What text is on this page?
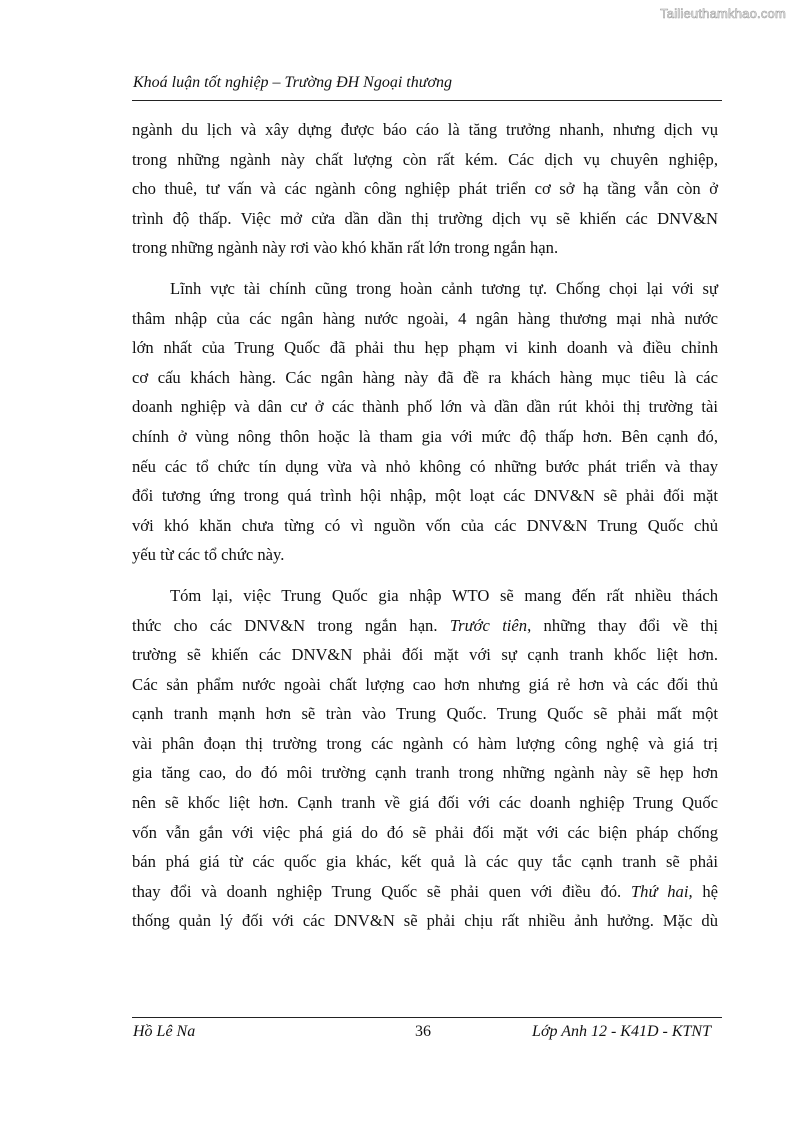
Tailieuthamkhao.com
Khoá luận tốt nghiệp – Trường ĐH Ngoại thương

ngành du lịch và xây dựng được báo cáo là tăng trưởng nhanh, nhưng dịch vụ
trong những ngành này chất lượng còn rất kém. Các dịch vụ chuyên nghiệp,
cho thuê, tư vấn và các ngành công nghiệp phát triển cơ sở hạ tầng vẫn còn ở
trình độ thấp. Việc mở cửa dần dần thị trường dịch vụ sẽ khiến các DNV&N
trong những ngành này rơi vào khó khăn rất lớn trong ngắn hạn.

Lĩnh vực tài chính cũng trong hoàn cảnh tương tự. Chống chọi lại với sự
thâm nhập của các ngân hàng nước ngoài, 4 ngân hàng thương mại nhà nước
lớn nhất của Trung Quốc đã phải thu hẹp phạm vi kinh doanh và điều chỉnh
cơ cấu khách hàng. Các ngân hàng này đã đề ra khách hàng mục tiêu là các
doanh nghiệp và dân cư ở các thành phố lớn và dần dần rút khỏi thị trường tài
chính ở vùng nông thôn hoặc là tham gia với mức độ thấp hơn. Bên cạnh đó,
nếu các tổ chức tín dụng vừa và nhỏ không có những bước phát triển và thay
đổi tương ứng trong quá trình hội nhập, một loạt các DNV&N sẽ phải đối mặt
với khó khăn chưa từng có vì nguồn vốn của các DNV&N Trung Quốc chủ
yếu từ các tổ chức này.

Tóm lại, việc Trung Quốc gia nhập WTO sẽ mang đến rất nhiều thách
thức cho các DNV&N trong ngắn hạn. Trước tiên, những thay đổi về thị
trường sẽ khiến các DNV&N phải đối mặt với sự cạnh tranh khốc liệt hơn.
Các sản phẩm nước ngoài chất lượng cao hơn nhưng giá rẻ hơn và các đối thủ
cạnh tranh mạnh hơn sẽ tràn vào Trung Quốc. Trung Quốc sẽ phải mất một
vài phân đoạn thị trường trong các ngành có hàm lượng công nghệ và giá trị
gia tăng cao, do đó môi trường cạnh tranh trong những ngành này sẽ hẹp hơn
nên sẽ khốc liệt hơn. Cạnh tranh về giá đối với các doanh nghiệp Trung Quốc
vốn vẫn gắn với việc phá giá do đó sẽ phải đối mặt với các biện pháp chống
bán phá giá từ các quốc gia khác, kết quả là các quy tắc cạnh tranh sẽ phải
thay đổi và doanh nghiệp Trung Quốc sẽ phải quen với điều đó. Thứ hai, hệ
thống quản lý đối với các DNV&N sẽ phải chịu rất nhiều ảnh hưởng. Mặc dù

Hồ Lê Na	36	Lớp Anh 12 - K41D - KTNT
